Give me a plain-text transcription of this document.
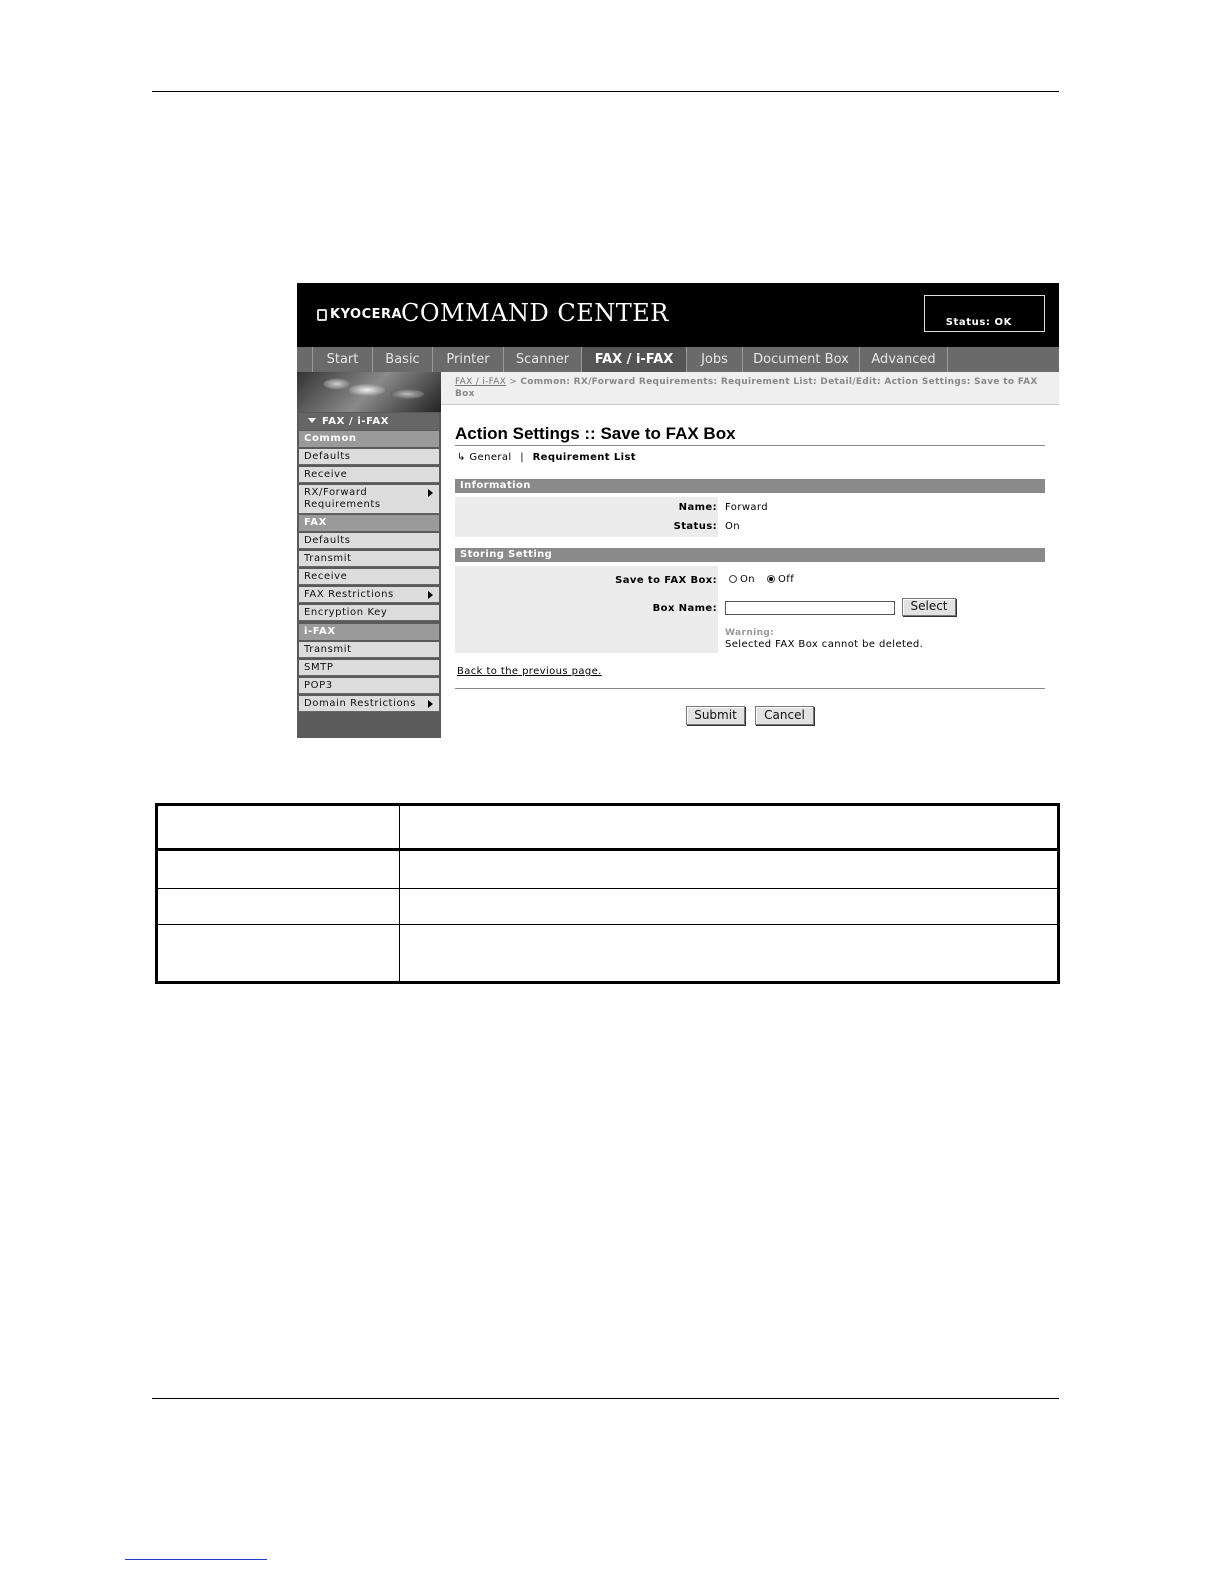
KYOCERA
COMMAND CENTER	Status: OK
Start	Basic	Printer	Scanner	FAX / i-FAX	Jobs	Document Box	Advanced
FAX / i-FAX
Common
Defaults
Receive
RX/Forward Requirements
FAX
Defaults
Transmit
Receive
FAX Restrictions
Encryption Key
i-FAX
Transmit
SMTP
POP3
Domain Restrictions
FAX / i-FAX > Common: RX/Forward Requirements: Requirement List: Detail/Edit: Action Settings: Save to FAX Box
Action Settings :: Save to FAX Box
↳ General | Requirement List
Information
Name: Forward
Status: On
Storing Setting
Save to FAX Box:	On	Off
Box Name:	Select
Warning:
Selected FAX Box cannot be deleted.
Back to the previous page.
Submit	Cancel
